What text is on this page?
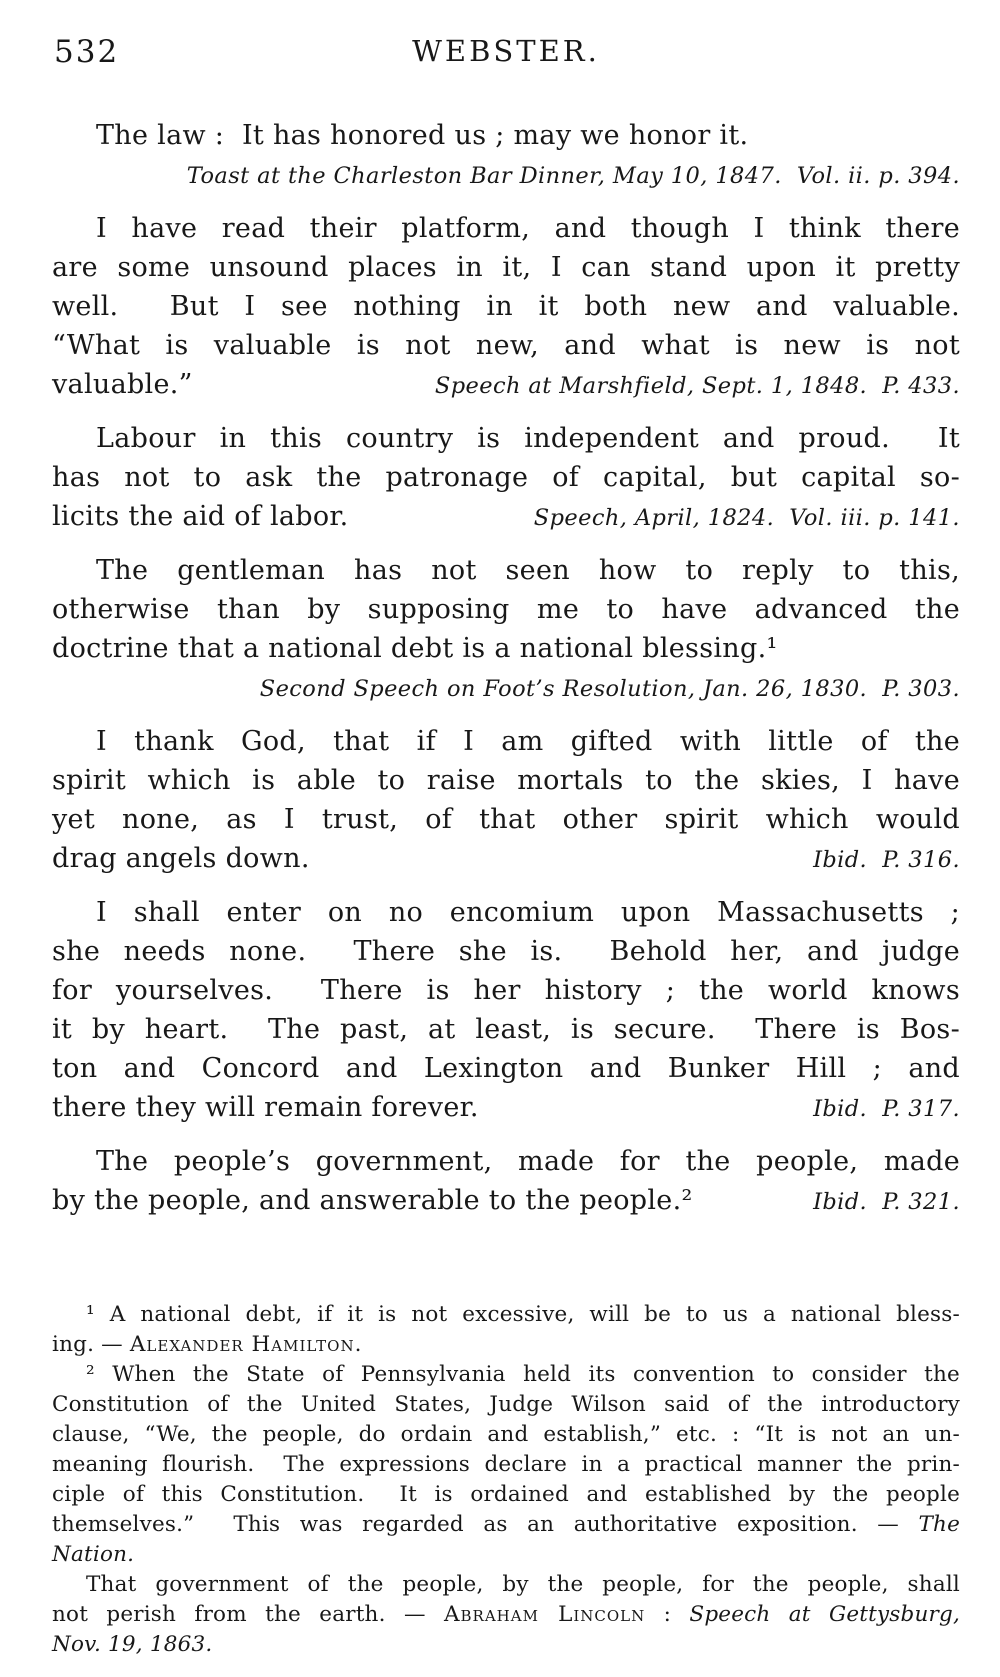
532	WEBSTER.
The law :  It has honored us ; may we honor it.
Toast at the Charleston Bar Dinner, May 10, 1847.  Vol. ii. p. 394.
I have read their platform, and though I think there
are some unsound places in it, I can stand upon it pretty
well.  But I see nothing in it both new and valuable.
“What is valuable is not new, and what is new is not
valuable.”	Speech at Marshfield, Sept. 1, 1848.  P. 433.
Labour in this country is independent and proud.  It
has not to ask the patronage of capital, but capital so-
licits the aid of labor.	Speech, April, 1824.  Vol. iii. p. 141.
The gentleman has not seen how to reply to this,
otherwise than by supposing me to have advanced the
doctrine that a national debt is a national blessing.¹
Second Speech on Foot’s Resolution, Jan. 26, 1830.  P. 303.
I thank God, that if I am gifted with little of the
spirit which is able to raise mortals to the skies, I have
yet none, as I trust, of that other spirit which would
drag angels down.	Ibid.  P. 316.
I shall enter on no encomium upon Massachusetts ;
she needs none.  There she is.  Behold her, and judge
for yourselves.  There is her history ; the world knows
it by heart.  The past, at least, is secure.  There is Bos-
ton and Concord and Lexington and Bunker Hill ; and
there they will remain forever.	Ibid.  P. 317.
The people’s government, made for the people, made
by the people, and answerable to the people.²	Ibid.  P. 321.
¹ A national debt, if it is not excessive, will be to us a national bless-
ing. — Alexander Hamilton.
² When the State of Pennsylvania held its convention to consider the
Constitution of the United States, Judge Wilson said of the introductory
clause, “We, the people, do ordain and establish,” etc. : “It is not an un-
meaning flourish.  The expressions declare in a practical manner the prin-
ciple of this Constitution.  It is ordained and established by the people
themselves.”  This was regarded as an authoritative exposition. — The
Nation.
That government of the people, by the people, for the people, shall
not perish from the earth. — Abraham Lincoln : Speech at Gettysburg,
Nov. 19, 1863.
